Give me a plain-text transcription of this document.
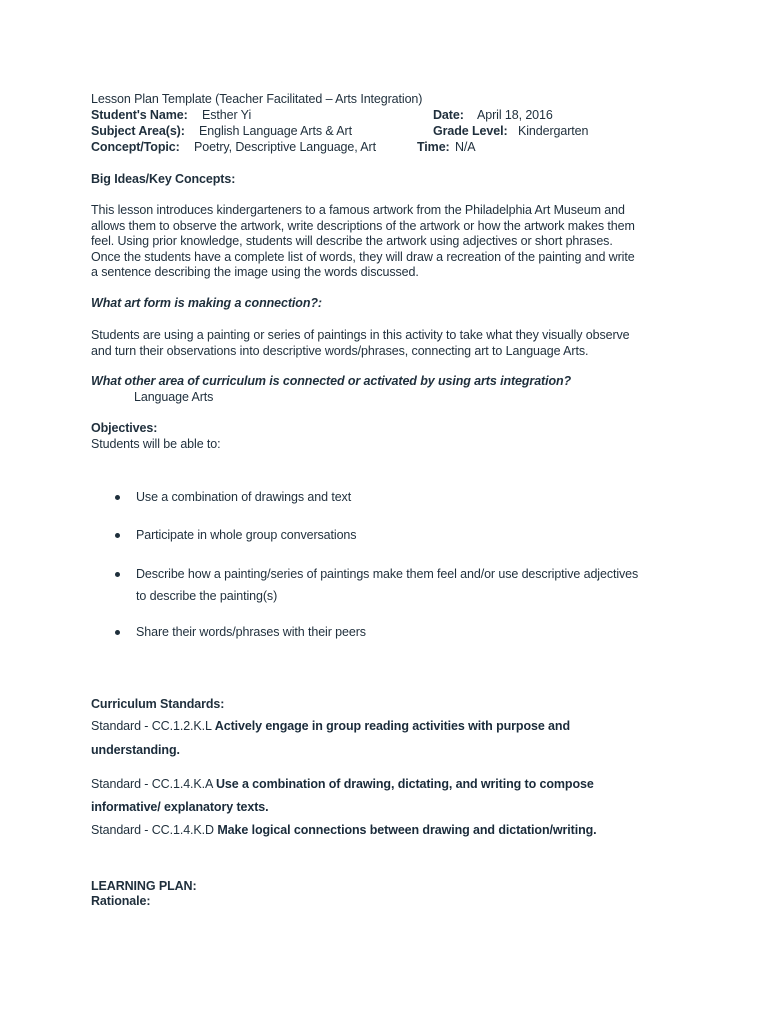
Lesson Plan Template (Teacher Facilitated – Arts Integration)
Student's Name: Esther Yi	Date: April 18, 2016
Subject Area(s): English Language Arts & Art	Grade Level: Kindergarten
Concept/Topic: Poetry, Descriptive Language, Art	Time: N/A
Big Ideas/Key Concepts:
This lesson introduces kindergarteners to a famous artwork from the Philadelphia Art Museum and
allows them to observe the artwork, write descriptions of the artwork or how the artwork makes them
feel. Using prior knowledge, students will describe the artwork using adjectives or short phrases.
Once the students have a complete list of words, they will draw a recreation of the painting and write
a sentence describing the image using the words discussed.
What art form is making a connection?:
Students are using a painting or series of paintings in this activity to take what they visually observe
and turn their observations into descriptive words/phrases, connecting art to Language Arts.
What other area of curriculum is connected or activated by using arts integration?
Language Arts
Objectives:
Students will be able to:
Use a combination of drawings and text
Participate in whole group conversations
Describe how a painting/series of paintings make them feel and/or use descriptive adjectives
to describe the painting(s)
Share their words/phrases with their peers
Curriculum Standards:
Standard - CC.1.2.K.L Actively engage in group reading activities with purpose and
understanding.
Standard - CC.1.4.K.A Use a combination of drawing, dictating, and writing to compose
informative/ explanatory texts.
Standard - CC.1.4.K.D Make logical connections between drawing and dictation/writing.
LEARNING PLAN:
Rationale:
